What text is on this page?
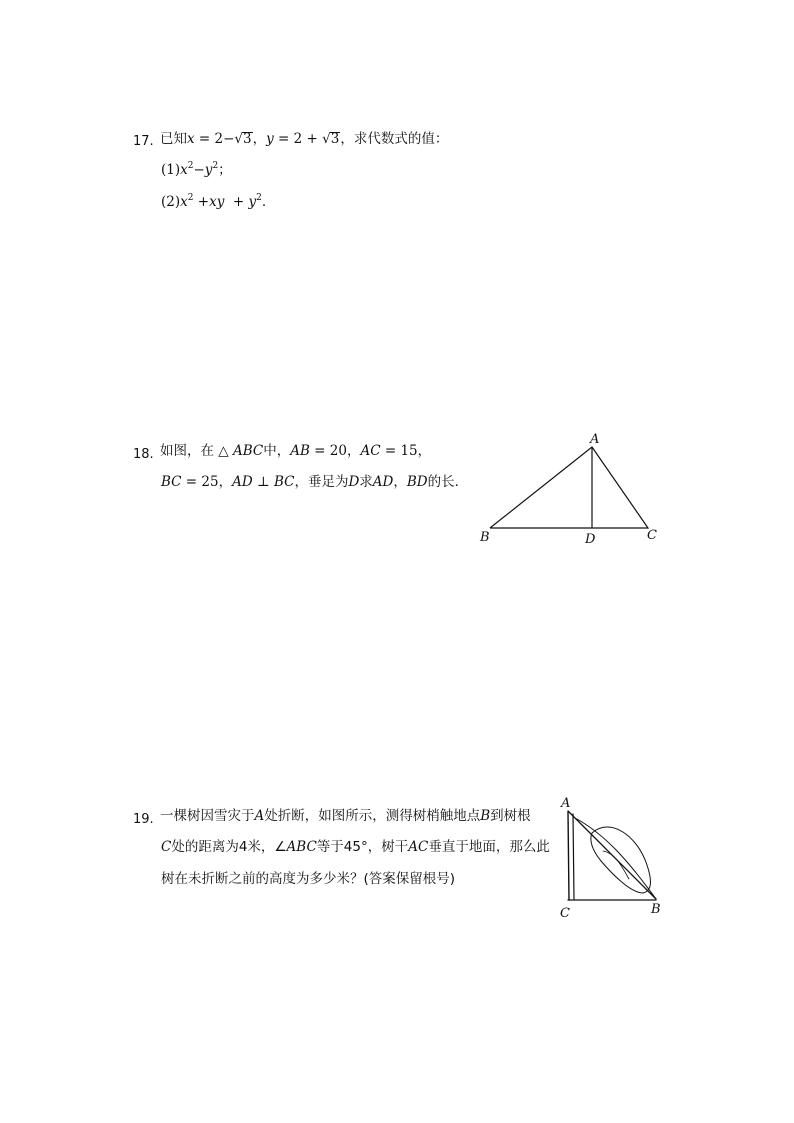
17. 已知x = 2−√3，y = 2 + √3，求代数式的值：
$(1)x^2-y^2$；
$(2)x^2 +xy + y^2$.
18. 如图，在 △ ABC中，AB = 20，AC = 15，
BC = 25，AD ⊥ BC，垂足为D求AD，BD的长．
A
B	C
D
19. 一棵树因雪灾于A处折断，如图所示，测得树梢触地点B到树根
C处的距离为4米，∠ABC等于45°，树干AC垂直于地面，那么此
树在未折断之前的高度为多少米？(答案保留根号)
A
C	B
